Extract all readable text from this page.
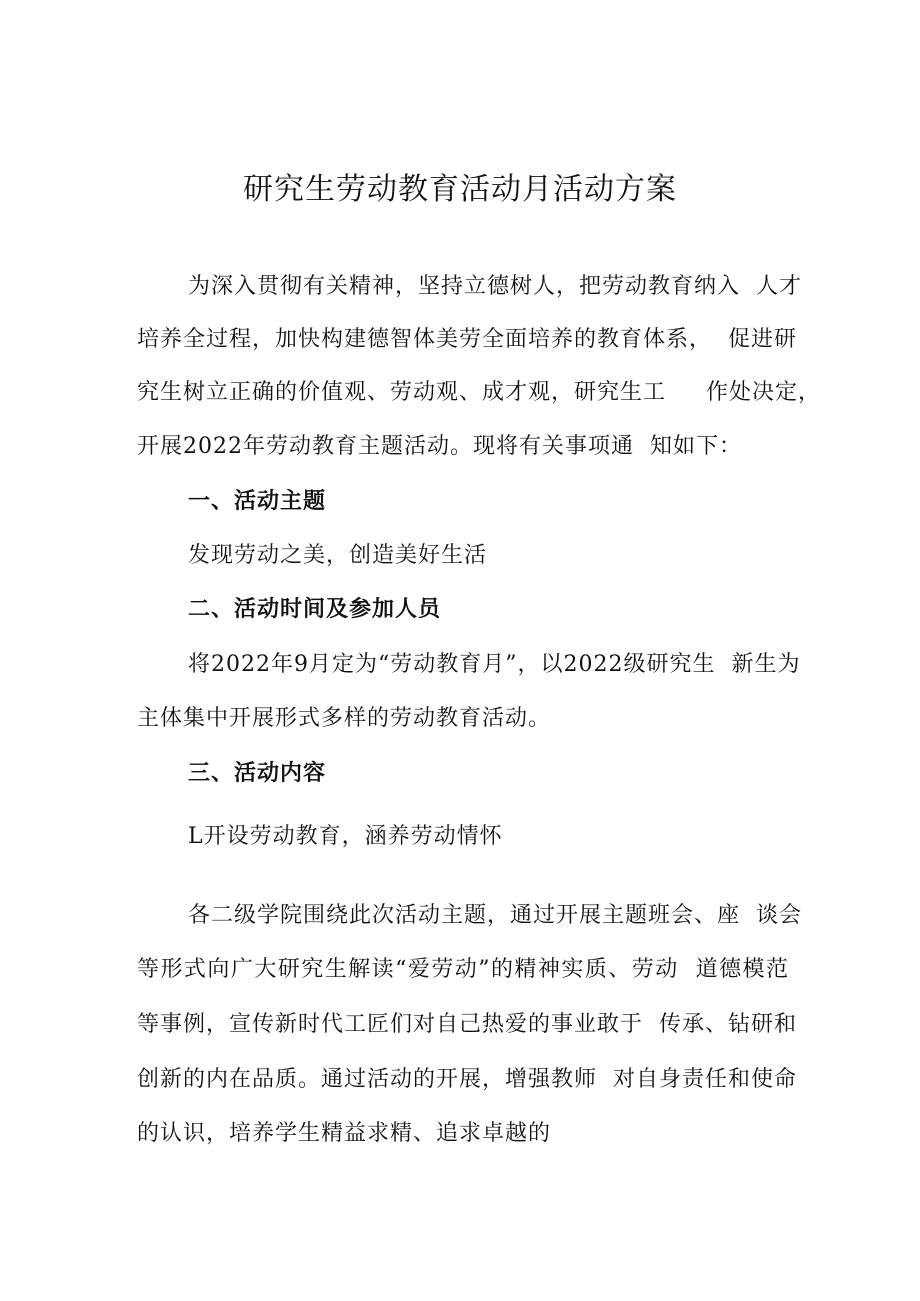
研究生劳动教育活动月活动方案
为深入贯彻有关精神，坚持立德树人，把劳动教育纳入  人才
培养全过程，加快构建德智体美劳全面培养的教育体系，  促进研
究生树立正确的价值观、劳动观、成才观，研究生工     作处决定，
开展2022年劳动教育主题活动。现将有关事项通  知如下：
一、活动主题
发现劳动之美，创造美好生活
二、活动时间及参加人员
将2022年9月定为“劳动教育月”，以2022级研究生  新生为
主体集中开展形式多样的劳动教育活动。
三、活动内容
L开设劳动教育，涵养劳动情怀
各二级学院围绕此次活动主题，通过开展主题班会、座  谈会
等形式向广大研究生解读“爱劳动”的精神实质、劳动  道德模范
等事例，宣传新时代工匠们对自己热爱的事业敢于  传承、钻研和
创新的内在品质。通过活动的开展，增强教师  对自身责任和使命
的认识，培养学生精益求精、追求卓越的
